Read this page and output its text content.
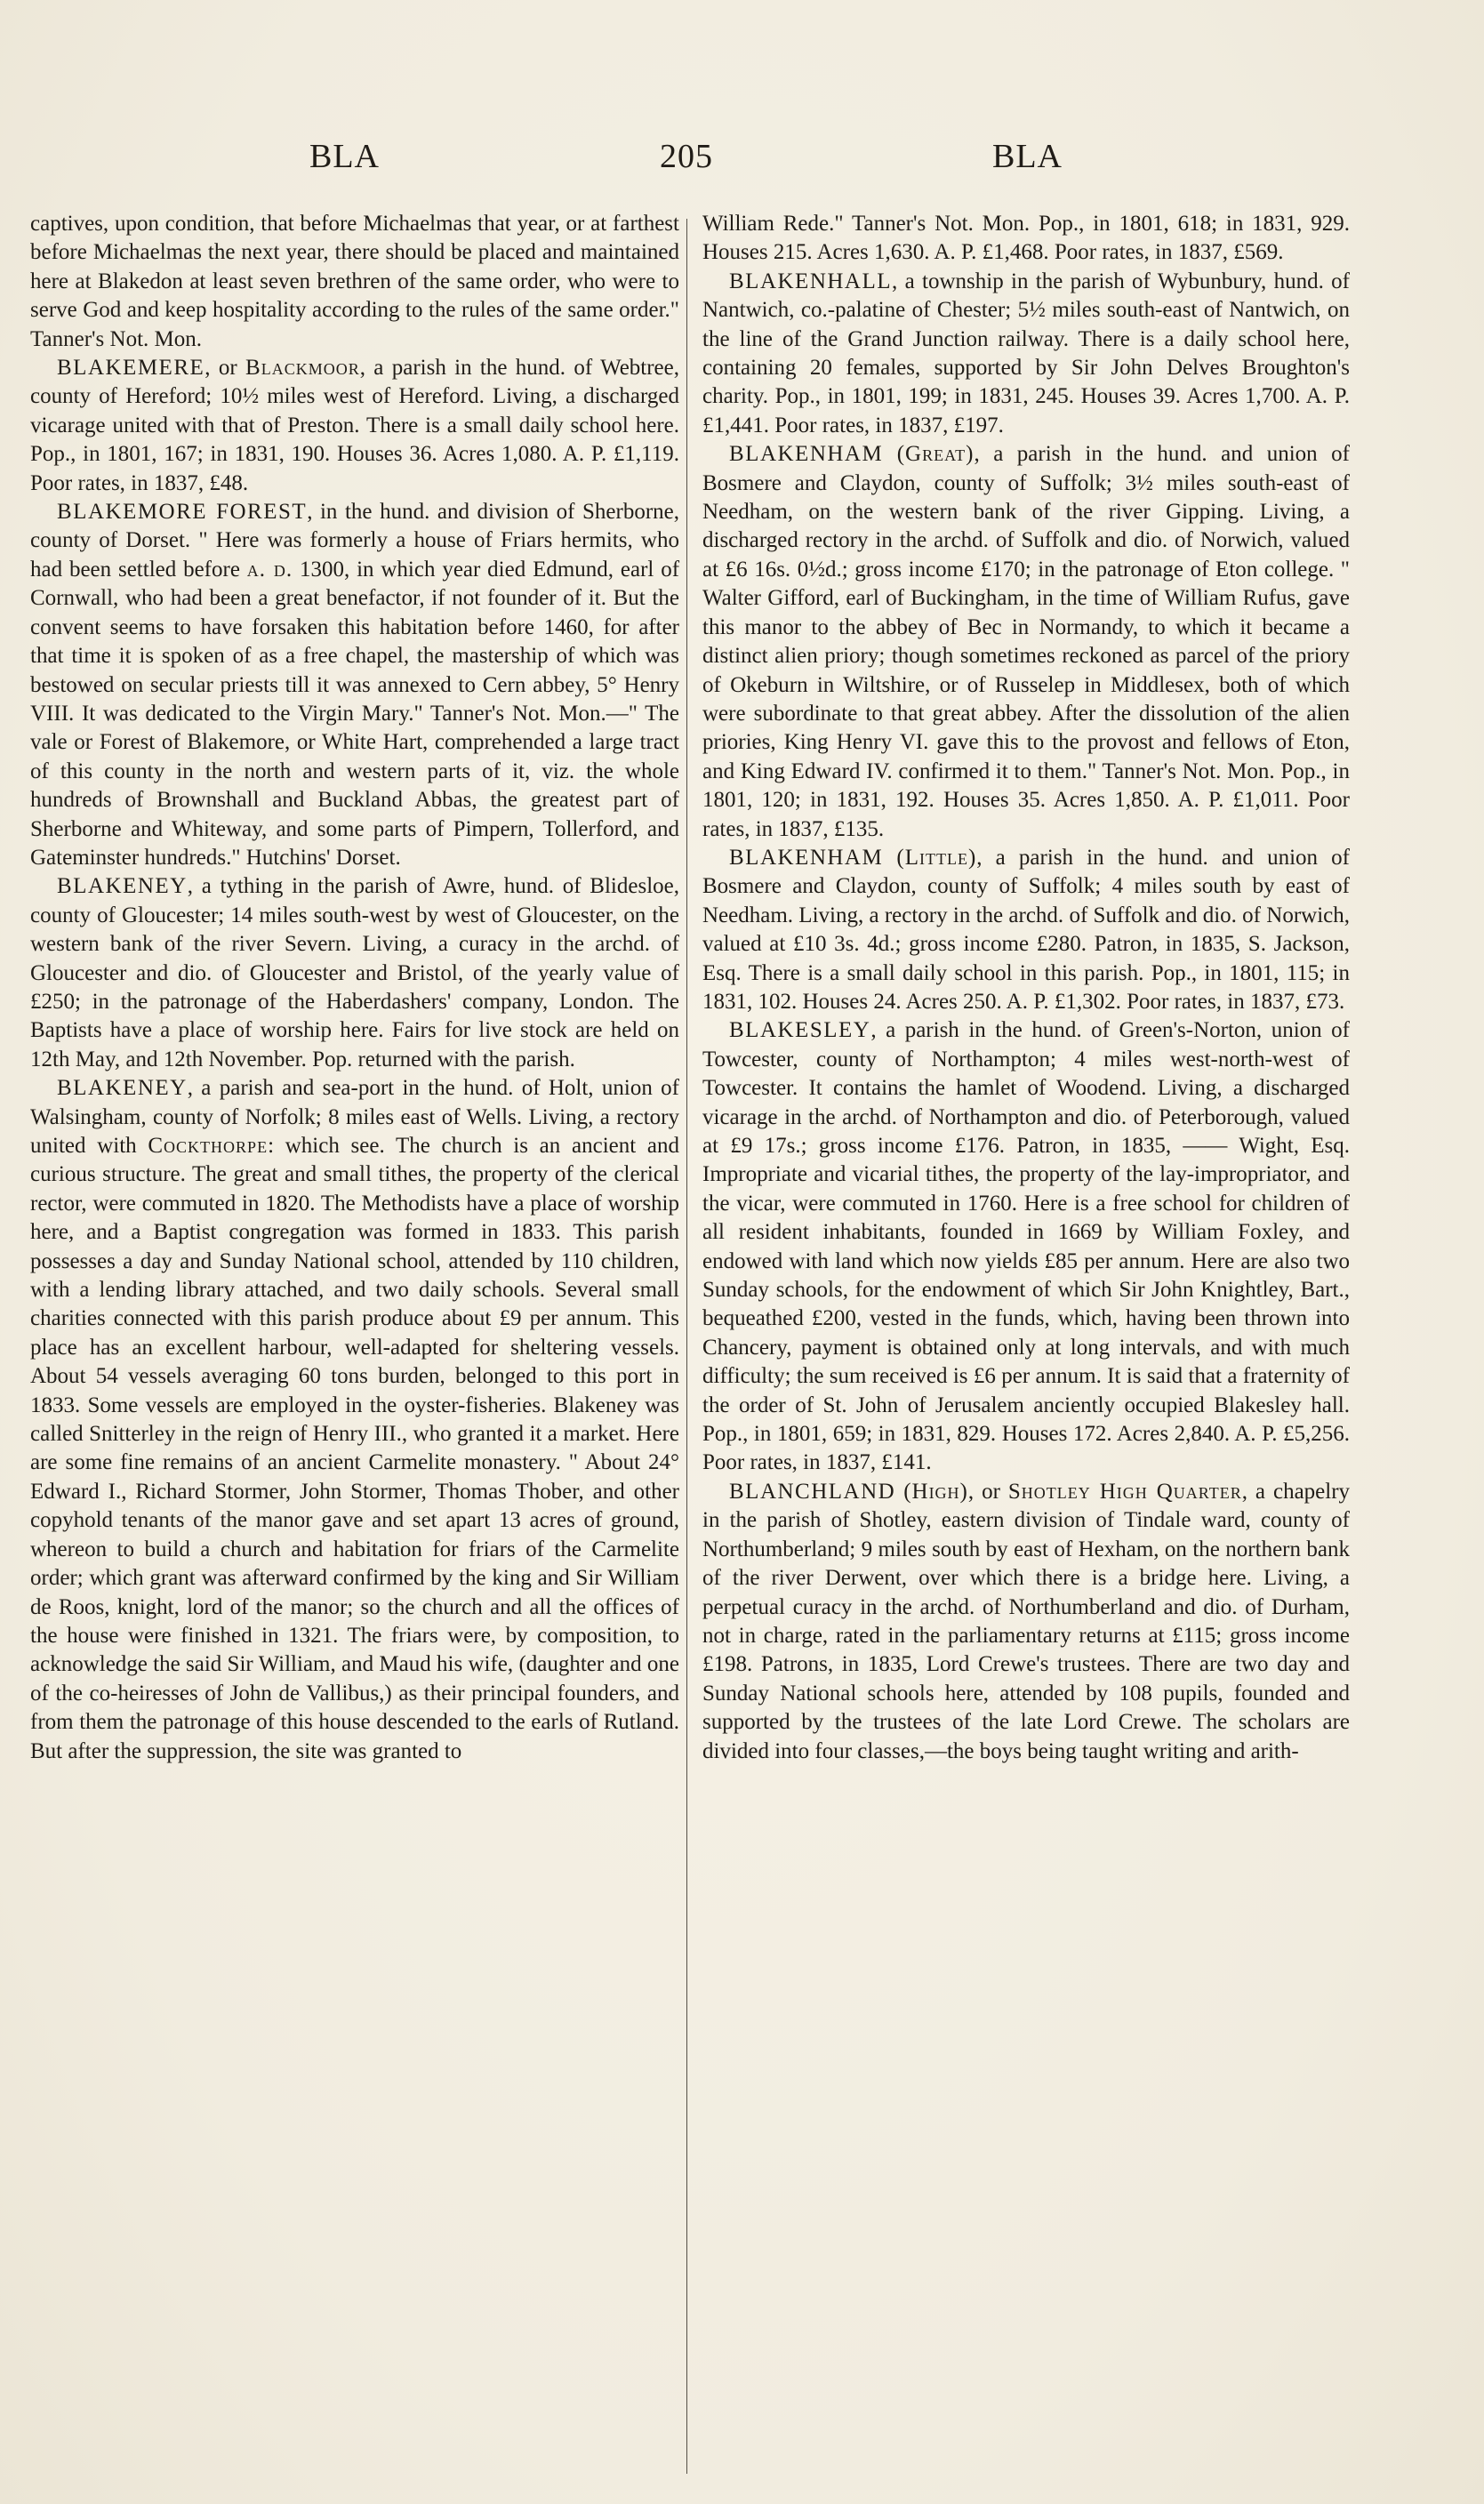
BLA	205	BLA

captives, upon condition, that before Michaelmas that year, or at farthest before Michaelmas the next year, there should be placed and maintained here at Blakedon at least seven brethren of the same order, who were to serve God and keep hospitality according to the rules of the same order." Tanner's Not. Mon.

BLAKEMERE, or Blackmoor, a parish in the hund. of Webtree, county of Hereford; 10½ miles west of Hereford. Living, a discharged vicarage united with that of Preston. There is a small daily school here. Pop., in 1801, 167; in 1831, 190. Houses 36. Acres 1,080. A. P. £1,119. Poor rates, in 1837, £48.

BLAKEMORE FOREST, in the hund. and division of Sherborne, county of Dorset. " Here was formerly a house of Friars hermits, who had been settled before a. d. 1300, in which year died Edmund, earl of Cornwall, who had been a great benefactor, if not founder of it. But the convent seems to have forsaken this habitation before 1460, for after that time it is spoken of as a free chapel, the mastership of which was bestowed on secular priests till it was annexed to Cern abbey, 5° Henry VIII. It was dedicated to the Virgin Mary." Tanner's Not. Mon.—" The vale or Forest of Blakemore, or White Hart, comprehended a large tract of this county in the north and western parts of it, viz. the whole hundreds of Brownshall and Buckland Abbas, the greatest part of Sherborne and Whiteway, and some parts of Pimpern, Tollerford, and Gateminster hundreds." Hutchins' Dorset.

BLAKENEY, a tything in the parish of Awre, hund. of Blidesloe, county of Gloucester; 14 miles south-west by west of Gloucester, on the western bank of the river Severn. Living, a curacy in the archd. of Gloucester and dio. of Gloucester and Bristol, of the yearly value of £250; in the patronage of the Haberdashers' company, London. The Baptists have a place of worship here. Fairs for live stock are held on 12th May, and 12th November. Pop. returned with the parish.

BLAKENEY, a parish and sea-port in the hund. of Holt, union of Walsingham, county of Norfolk; 8 miles east of Wells. Living, a rectory united with Cockthorpe: which see. The church is an ancient and curious structure. The great and small tithes, the property of the clerical rector, were commuted in 1820. The Methodists have a place of worship here, and a Baptist congregation was formed in 1833. This parish possesses a day and Sunday National school, attended by 110 children, with a lending library attached, and two daily schools. Several small charities connected with this parish produce about £9 per annum. This place has an excellent harbour, well-adapted for sheltering vessels. About 54 vessels averaging 60 tons burden, belonged to this port in 1833. Some vessels are employed in the oyster-fisheries. Blakeney was called Snitterley in the reign of Henry III., who granted it a market. Here are some fine remains of an ancient Carmelite monastery. " About 24° Edward I., Richard Stormer, John Stormer, Thomas Thober, and other copyhold tenants of the manor gave and set apart 13 acres of ground, whereon to build a church and habitation for friars of the Carmelite order; which grant was afterward confirmed by the king and Sir William de Roos, knight, lord of the manor; so the church and all the offices of the house were finished in 1321. The friars were, by composition, to acknowledge the said Sir William, and Maud his wife, (daughter and one of the co-heiresses of John de Vallibus,) as their principal founders, and from them the patronage of this house descended to the earls of Rutland. But after the suppression, the site was granted to

William Rede." Tanner's Not. Mon. Pop., in 1801, 618; in 1831, 929. Houses 215. Acres 1,630. A. P. £1,468. Poor rates, in 1837, £569.

BLAKENHALL, a township in the parish of Wybunbury, hund. of Nantwich, co.-palatine of Chester; 5½ miles south-east of Nantwich, on the line of the Grand Junction railway. There is a daily school here, containing 20 females, supported by Sir John Delves Broughton's charity. Pop., in 1801, 199; in 1831, 245. Houses 39. Acres 1,700. A. P. £1,441. Poor rates, in 1837, £197.

BLAKENHAM (Great), a parish in the hund. and union of Bosmere and Claydon, county of Suffolk; 3½ miles south-east of Needham, on the western bank of the river Gipping. Living, a discharged rectory in the archd. of Suffolk and dio. of Norwich, valued at £6 16s. 0½d.; gross income £170; in the patronage of Eton college. " Walter Gifford, earl of Buckingham, in the time of William Rufus, gave this manor to the abbey of Bec in Normandy, to which it became a distinct alien priory; though sometimes reckoned as parcel of the priory of Okeburn in Wiltshire, or of Russelep in Middlesex, both of which were subordinate to that great abbey. After the dissolution of the alien priories, King Henry VI. gave this to the provost and fellows of Eton, and King Edward IV. confirmed it to them." Tanner's Not. Mon. Pop., in 1801, 120; in 1831, 192. Houses 35. Acres 1,850. A. P. £1,011. Poor rates, in 1837, £135.

BLAKENHAM (Little), a parish in the hund. and union of Bosmere and Claydon, county of Suffolk; 4 miles south by east of Needham. Living, a rectory in the archd. of Suffolk and dio. of Norwich, valued at £10 3s. 4d.; gross income £280. Patron, in 1835, S. Jackson, Esq. There is a small daily school in this parish. Pop., in 1801, 115; in 1831, 102. Houses 24. Acres 250. A. P. £1,302. Poor rates, in 1837, £73.

BLAKESLEY, a parish in the hund. of Green's-Norton, union of Towcester, county of Northampton; 4 miles west-north-west of Towcester. It contains the hamlet of Woodend. Living, a discharged vicarage in the archd. of Northampton and dio. of Peterborough, valued at £9 17s.; gross income £176. Patron, in 1835, —— Wight, Esq. Impropriate and vicarial tithes, the property of the lay-impropriator, and the vicar, were commuted in 1760. Here is a free school for children of all resident inhabitants, founded in 1669 by William Foxley, and endowed with land which now yields £85 per annum. Here are also two Sunday schools, for the endowment of which Sir John Knightley, Bart., bequeathed £200, vested in the funds, which, having been thrown into Chancery, payment is obtained only at long intervals, and with much difficulty; the sum received is £6 per annum. It is said that a fraternity of the order of St. John of Jerusalem anciently occupied Blakesley hall. Pop., in 1801, 659; in 1831, 829. Houses 172. Acres 2,840. A. P. £5,256. Poor rates, in 1837, £141.

BLANCHLAND (High), or Shotley High Quarter, a chapelry in the parish of Shotley, eastern division of Tindale ward, county of Northumberland; 9 miles south by east of Hexham, on the northern bank of the river Derwent, over which there is a bridge here. Living, a perpetual curacy in the archd. of Northumberland and dio. of Durham, not in charge, rated in the parliamentary returns at £115; gross income £198. Patrons, in 1835, Lord Crewe's trustees. There are two day and Sunday National schools here, attended by 108 pupils, founded and supported by the trustees of the late Lord Crewe. The scholars are divided into four classes,—the boys being taught writing and arith-
